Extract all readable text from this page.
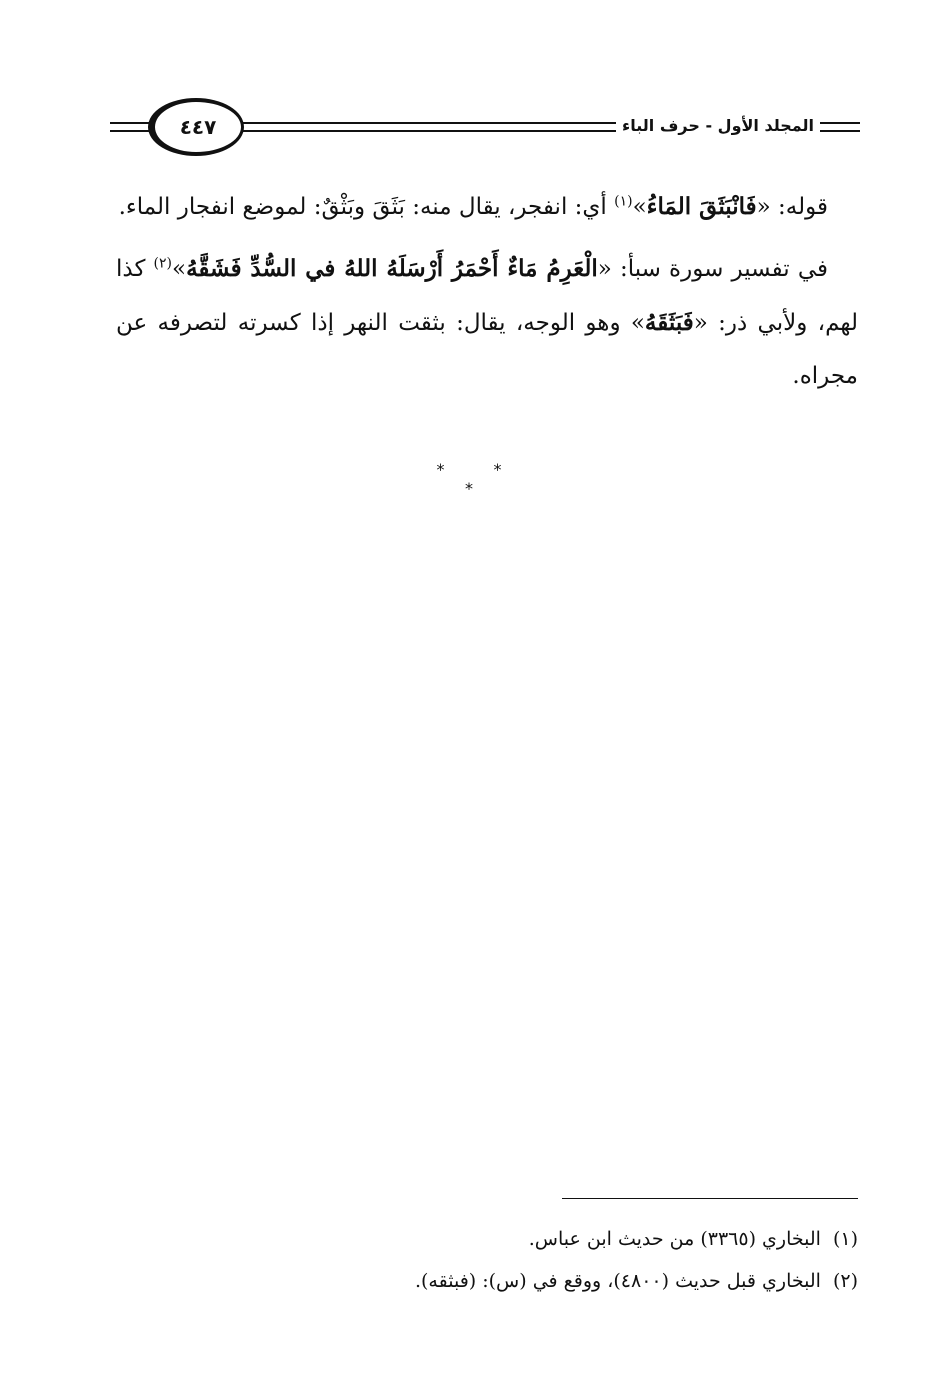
٤٤٧	المجلد الأول - حرف الباء

قوله: «فَانْبَثَقَ المَاءُ»$^{(١)}$ أي: انفجر، يقال منه: بَثَقَ وبَثْقٌ: لموضع انفجار الماء.

في تفسير سورة سبأ: «الْعَرِمُ مَاءٌ أَحْمَرُ أَرْسَلَهُ اللهُ في السُّدِّ فَشَقَّهُ»$^{(٢)}$ كذا لهم، ولأبي ذر: «فَبَثَقَهُ» وهو الوجه، يقال: بثقت النهر إذا كسرته لتصرفه عن مجراه.

* * *
(١)البخاري (٣٣٦٥) من حديث ابن عباس.
(٢)البخاري قبل حديث (٤٨٠٠)، ووقع في (س): (فبثقه).
